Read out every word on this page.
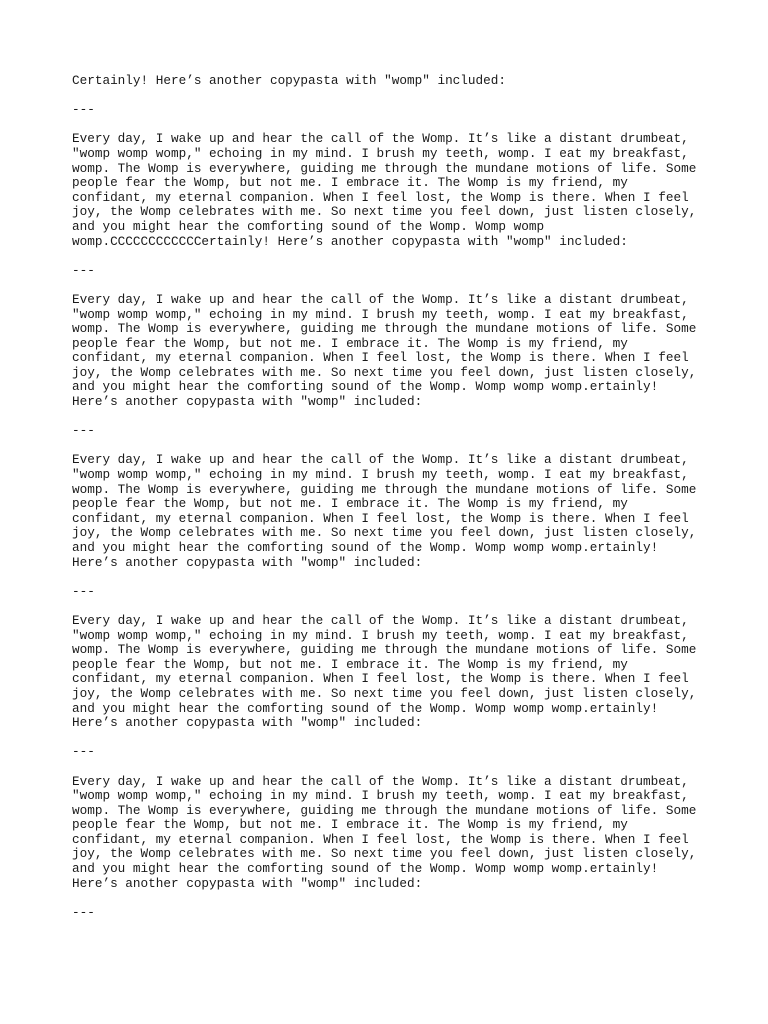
Certainly! Here’s another copypasta with "womp" included:
---
Every day, I wake up and hear the call of the Womp. It’s like a distant drumbeat,
"womp womp womp," echoing in my mind. I brush my teeth, womp. I eat my breakfast,
womp. The Womp is everywhere, guiding me through the mundane motions of life. Some
people fear the Womp, but not me. I embrace it. The Womp is my friend, my
confidant, my eternal companion. When I feel lost, the Womp is there. When I feel
joy, the Womp celebrates with me. So next time you feel down, just listen closely,
and you might hear the comforting sound of the Womp. Womp womp
womp.CCCCCCCCCCCCertainly! Here’s another copypasta with "womp" included:
---
Every day, I wake up and hear the call of the Womp. It’s like a distant drumbeat,
"womp womp womp," echoing in my mind. I brush my teeth, womp. I eat my breakfast,
womp. The Womp is everywhere, guiding me through the mundane motions of life. Some
people fear the Womp, but not me. I embrace it. The Womp is my friend, my
confidant, my eternal companion. When I feel lost, the Womp is there. When I feel
joy, the Womp celebrates with me. So next time you feel down, just listen closely,
and you might hear the comforting sound of the Womp. Womp womp womp.ertainly!
Here’s another copypasta with "womp" included:
---
Every day, I wake up and hear the call of the Womp. It’s like a distant drumbeat,
"womp womp womp," echoing in my mind. I brush my teeth, womp. I eat my breakfast,
womp. The Womp is everywhere, guiding me through the mundane motions of life. Some
people fear the Womp, but not me. I embrace it. The Womp is my friend, my
confidant, my eternal companion. When I feel lost, the Womp is there. When I feel
joy, the Womp celebrates with me. So next time you feel down, just listen closely,
and you might hear the comforting sound of the Womp. Womp womp womp.ertainly!
Here’s another copypasta with "womp" included:
---
Every day, I wake up and hear the call of the Womp. It’s like a distant drumbeat,
"womp womp womp," echoing in my mind. I brush my teeth, womp. I eat my breakfast,
womp. The Womp is everywhere, guiding me through the mundane motions of life. Some
people fear the Womp, but not me. I embrace it. The Womp is my friend, my
confidant, my eternal companion. When I feel lost, the Womp is there. When I feel
joy, the Womp celebrates with me. So next time you feel down, just listen closely,
and you might hear the comforting sound of the Womp. Womp womp womp.ertainly!
Here’s another copypasta with "womp" included:
---
Every day, I wake up and hear the call of the Womp. It’s like a distant drumbeat,
"womp womp womp," echoing in my mind. I brush my teeth, womp. I eat my breakfast,
womp. The Womp is everywhere, guiding me through the mundane motions of life. Some
people fear the Womp, but not me. I embrace it. The Womp is my friend, my
confidant, my eternal companion. When I feel lost, the Womp is there. When I feel
joy, the Womp celebrates with me. So next time you feel down, just listen closely,
and you might hear the comforting sound of the Womp. Womp womp womp.ertainly!
Here’s another copypasta with "womp" included:
---
